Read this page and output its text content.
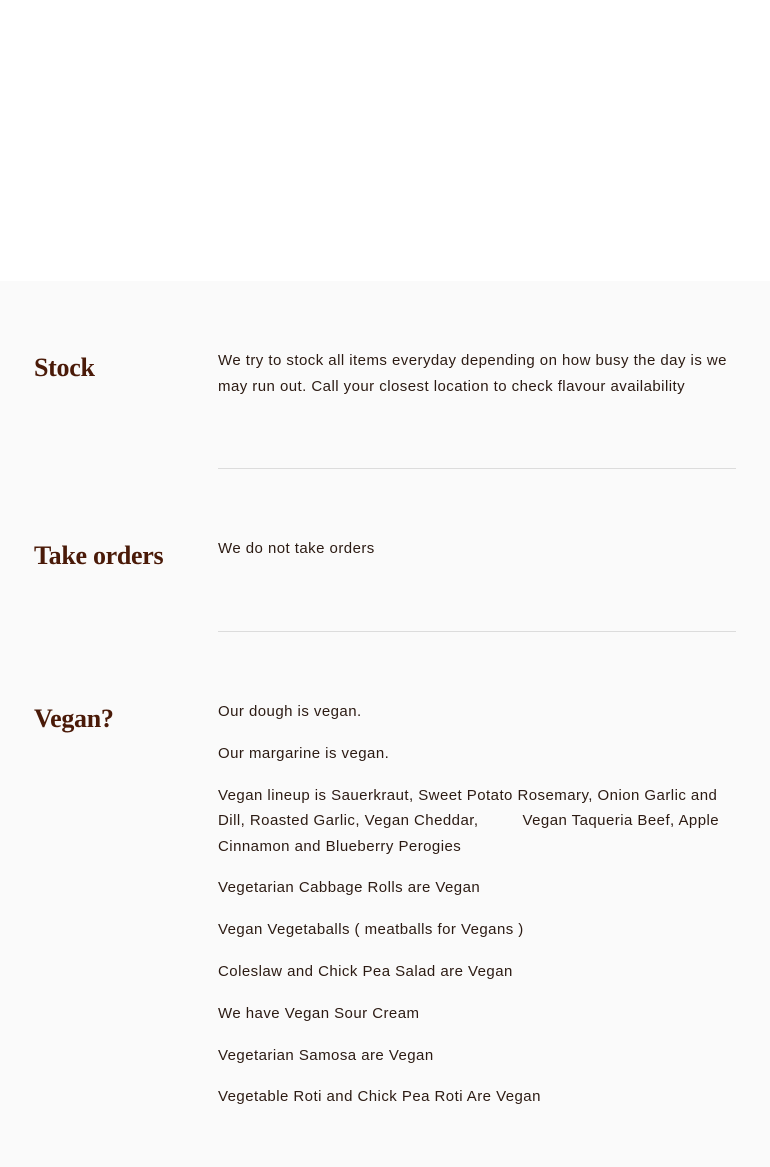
Stock	We try to stock all items everyday depending on how busy the day is we may run out. Call your closest location to check flavour availability

Take orders	We do not take orders

Vegan?	Our dough is vegan.

Our margarine is vegan.

Vegan lineup is Sauerkraut, Sweet Potato Rosemary, Onion Garlic and Dill, Roasted Garlic, Vegan Cheddar,	Vegan Taqueria Beef, Apple Cinnamon and Blueberry Perogies

Vegetarian Cabbage Rolls are Vegan

Vegan Vegetaballs ( meatballs for Vegans )

Coleslaw and Chick Pea Salad are Vegan

We have Vegan Sour Cream

Vegetarian Samosa are Vegan

Vegetable Roti and Chick Pea Roti Are Vegan
